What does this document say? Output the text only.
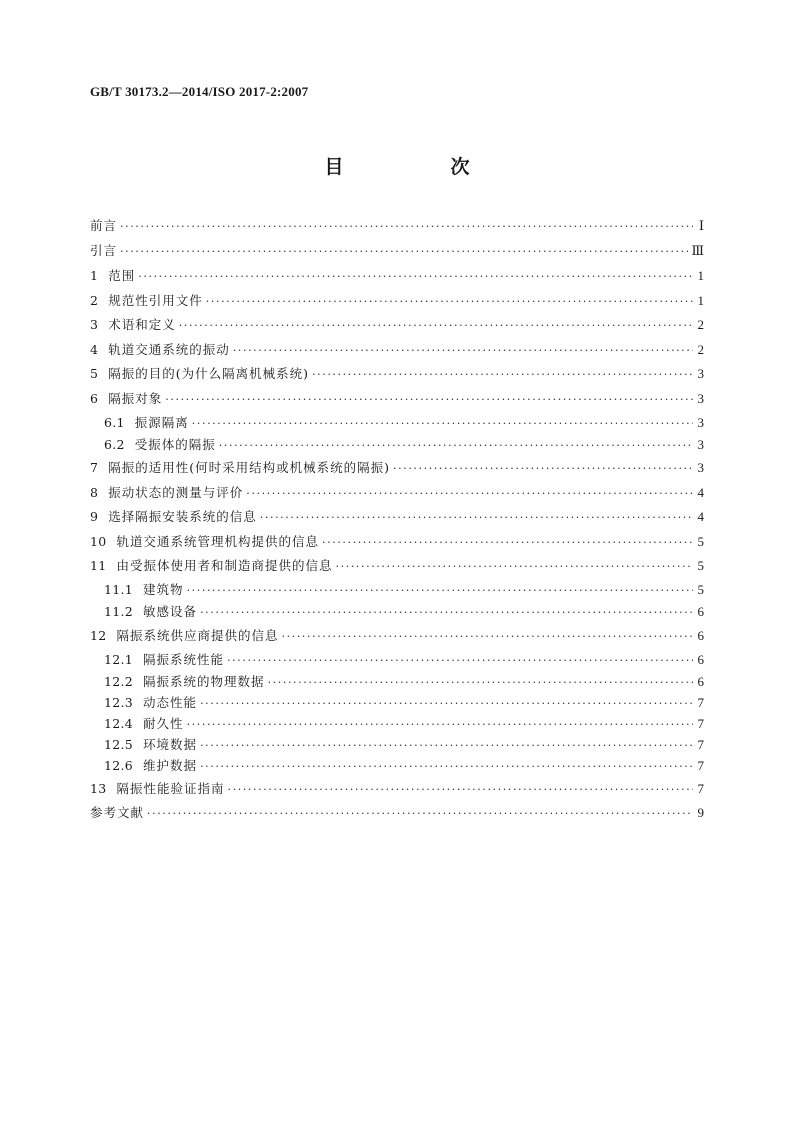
GB/T 30173.2—2014/ISO 2017-2:2007
目　次
前言 ·····	Ⅰ
引言 ·····	Ⅲ
1 范围 ·····	1
2 规范性引用文件 ·····	1
3 术语和定义 ·····	2
4 轨道交通系统的振动 ·····	2
5 隔振的目的(为什么隔离机械系统) ·····	3
6 隔振对象 ·····	3
6.1 振源隔离 ·····	3
6.2 受振体的隔振 ·····	3
7 隔振的适用性(何时采用结构或机械系统的隔振) ·····	3
8 振动状态的测量与评价 ·····	4
9 选择隔振安装系统的信息 ·····	4
10 轨道交通系统管理机构提供的信息 ·····	5
11 由受振体使用者和制造商提供的信息 ·····	5
11.1 建筑物 ·····	5
11.2 敏感设备 ·····	6
12 隔振系统供应商提供的信息 ·····	6
12.1 隔振系统性能 ·····	6
12.2 隔振系统的物理数据 ·····	6
12.3 动态性能 ·····	7
12.4 耐久性 ·····	7
12.5 环境数据 ·····	7
12.6 维护数据 ·····	7
13 隔振性能验证指南 ·····	7
参考文献 ·····	9
